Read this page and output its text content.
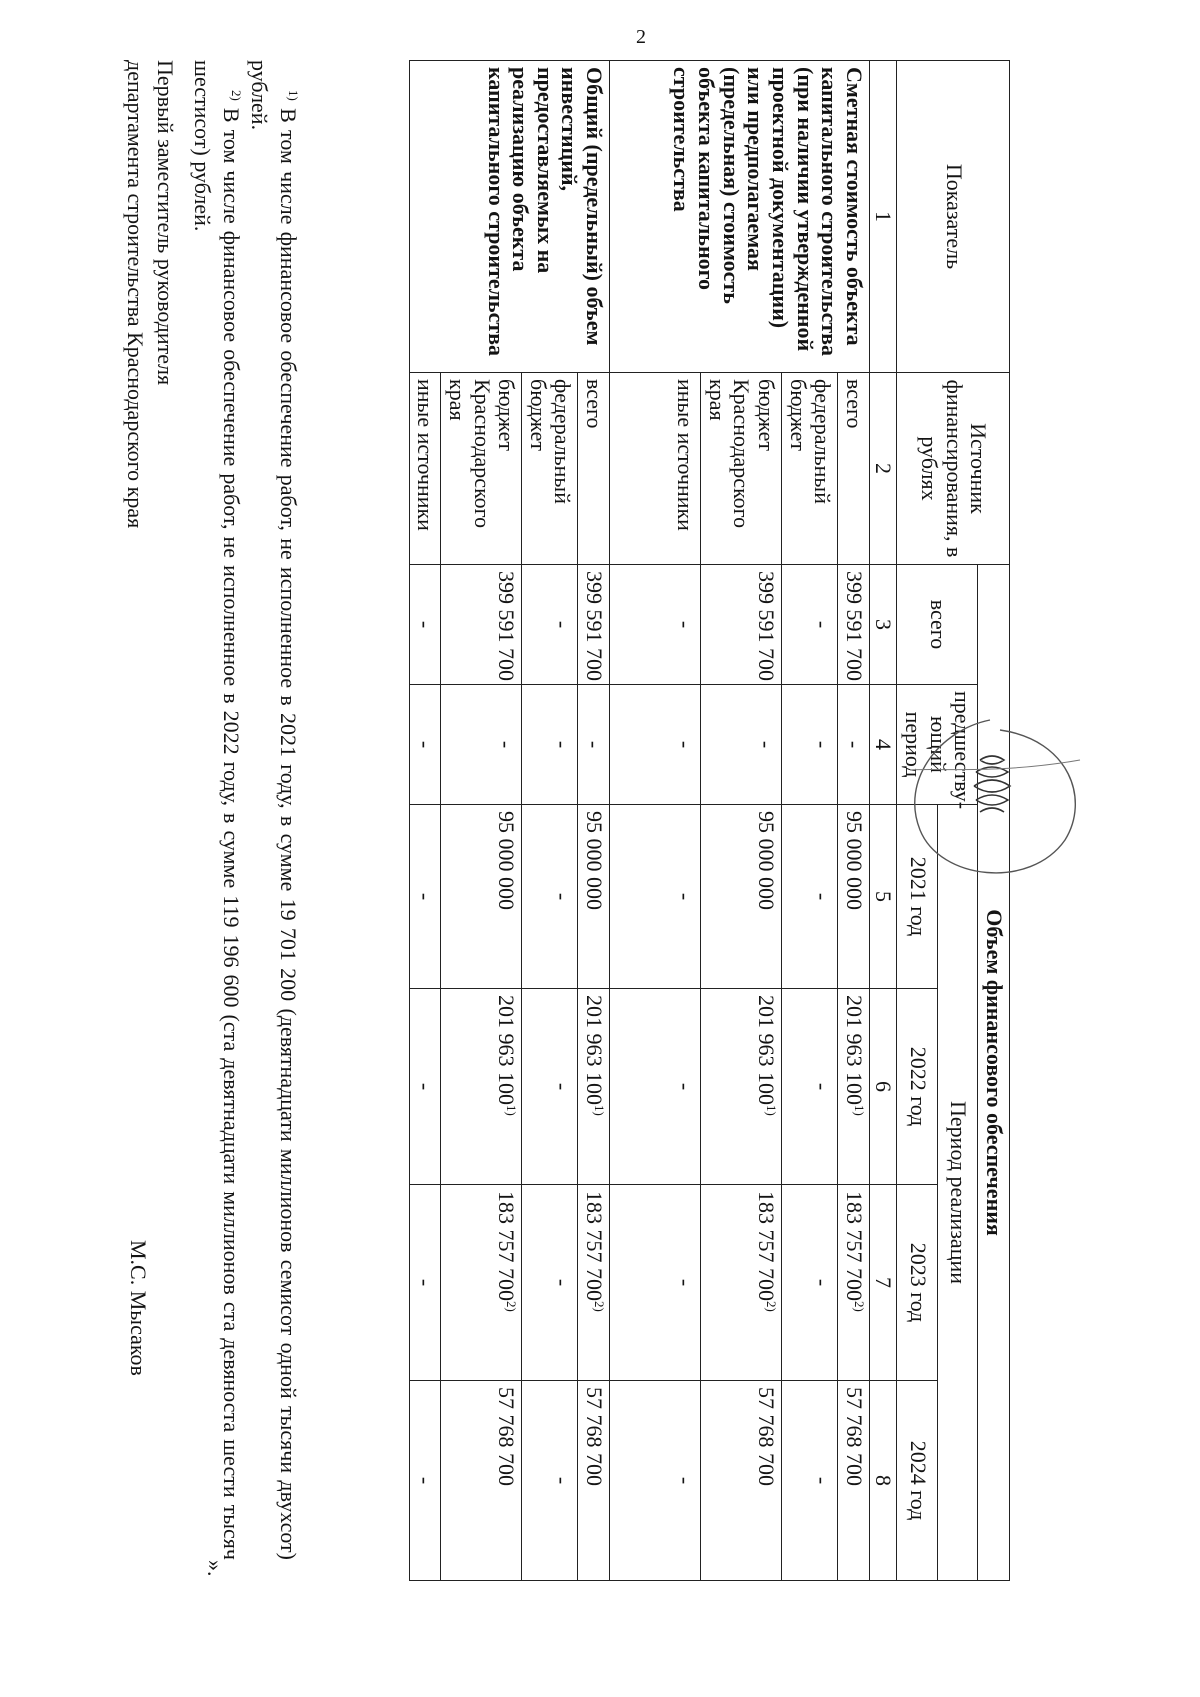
2
Показатель	Источник финансирования, в рублях	Объем финансового обеспечения					
		всего	предшеству-ющий период	Период реализации			
				2021 год	2022 год	2023 год	2024 год
1	2	3	4	5	6	7	8
Сметная стоимость объекта капитального строительства (при наличии утвержденной проектной документации) или предполагаемая (предельная) стоимость объекта капитального строительства	всего	399 591 700	-	95 000 000	201 963 100$^{1)}$	183 757 700$^{2)}$	57 768 700
	федеральный бюджет	-	-	-	-	-	-
	бюджет Краснодарского края	399 591 700	-	95 000 000	201 963 100$^{1)}$	183 757 700$^{2)}$	57 768 700
	иные источники	-	-	-	-	-	-
Общий (предельный) объем инвестиций, предоставляемых на реализацию объекта капитального строительства	всего	399 591 700	-	95 000 000	201 963 100$^{1)}$	183 757 700$^{2)}$	57 768 700
	федеральный бюджет	-	-	-	-	-	-
	бюджет Краснодарского края	399 591 700	-	95 000 000	201 963 100$^{1)}$	183 757 700$^{2)}$	57 768 700
	иные источники	-	-	-	-	-	-

$^{1)}$ В том числе финансовое обеспечение работ, не исполненное в 2021 году, в сумме 19 701 200 (девятнадцати миллионов семисот одной тысячи двухсот) рублей.

$^{2)}$ В том числе финансовое обеспечение работ, не исполненное в 2022 году, в сумме 119 196 600 (ста девятнадцати миллионов ста девяноста шести тысяч шестисот) рублей.

».
Первый заместитель руководителя
департамента строительства Краснодарского края
М.С. Мысаков
